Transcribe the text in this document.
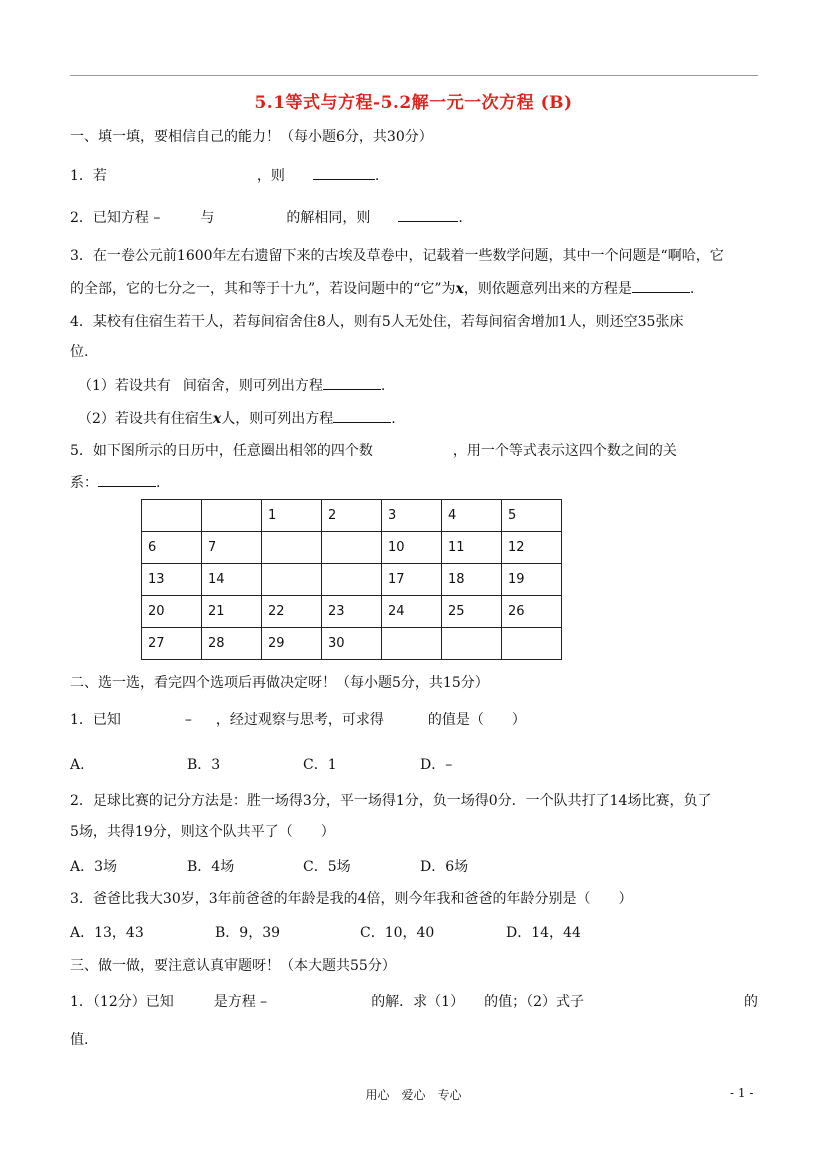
5.1等式与方程-5.2解一元一次方程 (B)
一、填一填，要相信自己的能力！（每小题6分，共30分）
1．若	，则	.
2．已知方程 –	与	的解相同，则	.
3．在一卷公元前1600年左右遗留下来的古埃及草卷中，记载着一些数学问题，其中一个问题是“啊哈，它
的全部，它的七分之一，其和等于十九”，若设问题中的“它”为x，则依题意列出来的方程是	.
4．某校有住宿生若干人，若每间宿舍住8人，则有5人无处住，若每间宿舍增加1人，则还空35张床
位.
（1）若设共有 间宿舍，则可列出方程	.
（2）若设共有住宿生x人，则可列出方程	.
5．如下图所示的日历中，任意圈出相邻的四个数	，用一个等式表示这四个数之间的关
系：	.
		1	2	3	4	5
6	7			10	11	12
13	14			17	18	19
20	21	22	23	24	25	26
27	28	29	30			
二、选一选，看完四个选项后再做决定呀！（每小题5分，共15分）
1．已知	– ，经过观察与思考，可求得	的值是（　　）
A.	B．3	C．1	D．–
2．足球比赛的记分方法是：胜一场得3分，平一场得1分，负一场得0分．一个队共打了14场比赛，负了
5场，共得19分，则这个队共平了（　　）
A．3场	B．4场	C．5场	D．6场
3．爸爸比我大30岁，3年前爸爸的年龄是我的4倍，则今年我和爸爸的年龄分别是（　　）
A．13，43	B．9，39	C．10，40	D．14，44
三、做一做，要注意认真审题呀！（本大题共55分）
1．（12分）已知	是方程 –	的解．求（1） 的值；（2）式子	的
值.
用心　爱心　专心	- 1 -
